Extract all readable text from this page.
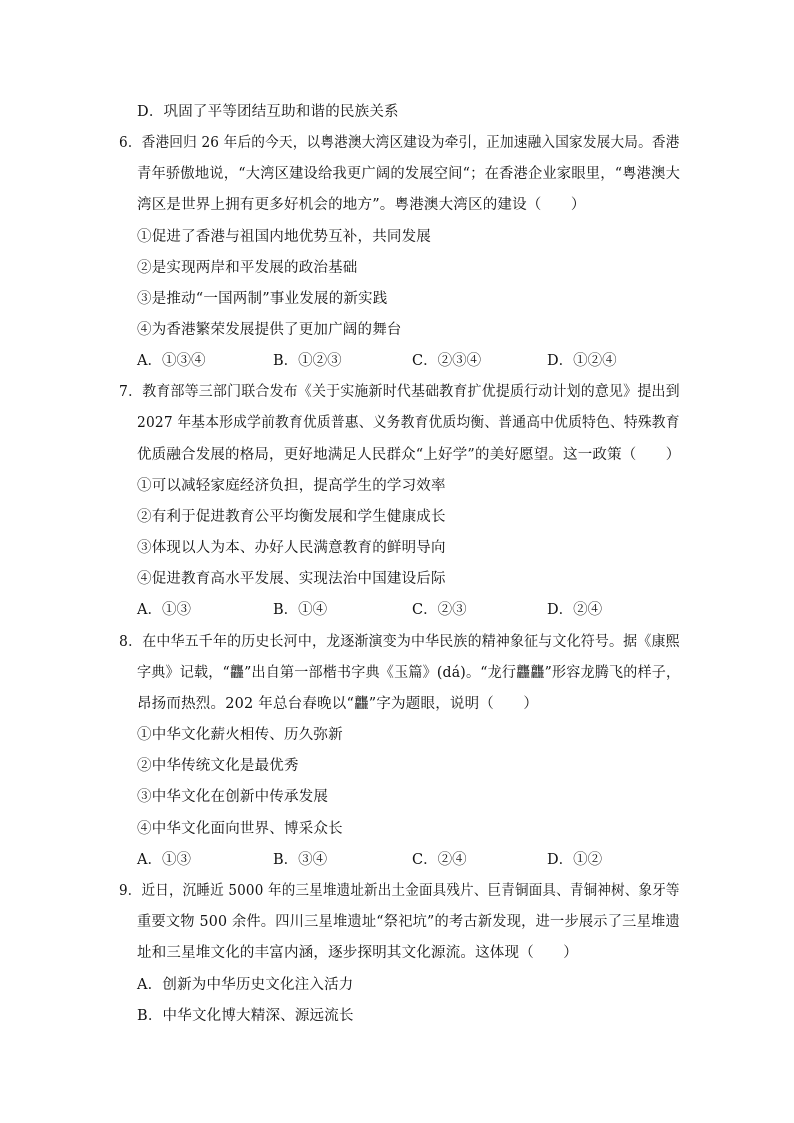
D．巩固了平等团结互助和谐的民族关系
6．香港回归 26 年后的今天，以粤港澳大湾区建设为牵引，正加速融入国家发展大局。香港
青年骄傲地说，“大湾区建设给我更广阔的发展空间“；在香港企业家眼里，“粤港澳大
湾区是世界上拥有更多好机会的地方”。粤港澳大湾区的建设（　　）
①促进了香港与祖国内地优势互补，共同发展
②是实现两岸和平发展的政治基础
③是推动“一国两制”事业发展的新实践
④为香港繁荣发展提供了更加广阔的舞台
A．①③④	B．①②③	C．②③④	D．①②④
7．教育部等三部门联合发布《关于实施新时代基础教育扩优提质行动计划的意见》提出到
2027 年基本形成学前教育优质普惠、义务教育优质均衡、普通高中优质特色、特殊教育
优质融合发展的格局，更好地满足人民群众“上好学”的美好愿望。这一政策（　　）
①可以减轻家庭经济负担，提高学生的学习效率
②有利于促进教育公平均衡发展和学生健康成长
③体现以人为本、办好人民满意教育的鲜明导向
④促进教育高水平发展、实现法治中国建设后际
A．①③	B．①④	C．②③	D．②④
8．在中华五千年的历史长河中，龙逐渐演变为中华民族的精神象征与文化符号。据《康熙
字典》记载，“龘”出自第一部楷书字典《玉篇》(dá)。“龙行龘龘”形容龙腾飞的样子，
昂扬而热烈。202 年总台春晚以“龘”字为题眼，说明（　　）
①中华文化薪火相传、历久弥新
②中华传统文化是最优秀
③中华文化在创新中传承发展
④中华文化面向世界、博采众长
A．①③	B．③④	C．②④	D．①②
9．近日，沉睡近 5000 年的三星堆遗址新出土金面具残片、巨青铜面具、青铜神树、象牙等
重要文物 500 余件。四川三星堆遗址“祭祀坑”的考古新发现，进一步展示了三星堆遗
址和三星堆文化的丰富内涵，逐步探明其文化源流。这体现（　　）
A．创新为中华历史文化注入活力
B．中华文化博大精深、源远流长
